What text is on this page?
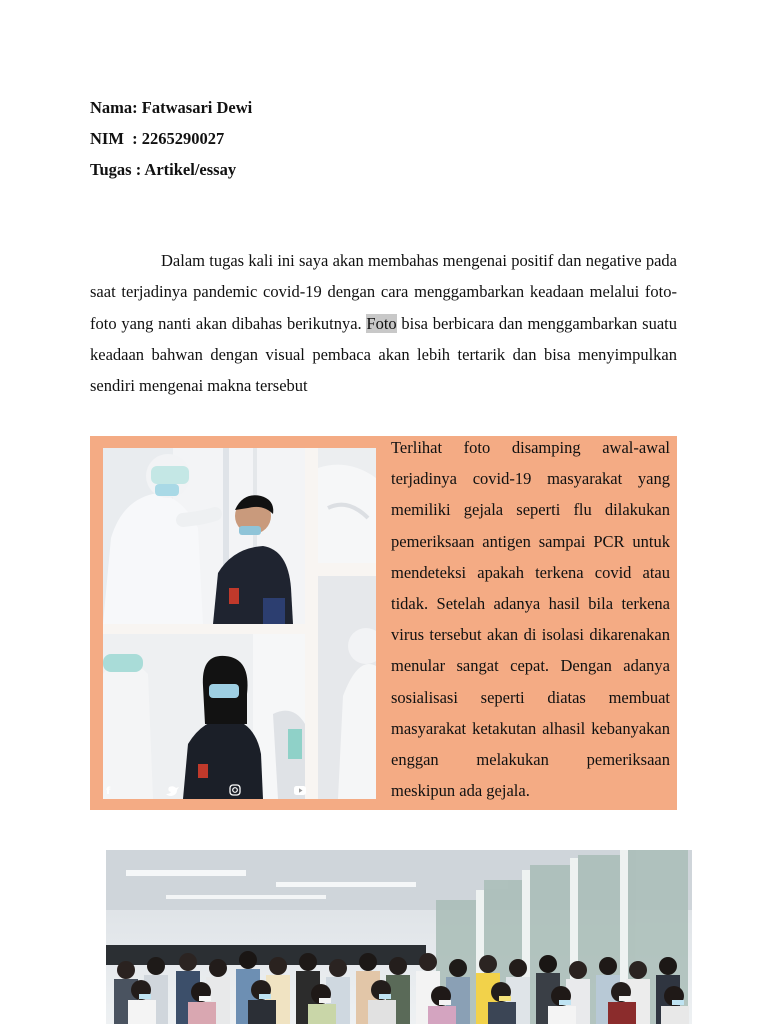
Nama: Fatwasari Dewi
NIM  : 2265290027
Tugas : Artikel/essay

Dalam tugas kali ini saya akan membahas mengenai positif dan negative pada saat terjadinya pandemic covid-19 dengan cara menggambarkan keadaan melalui foto-foto yang nanti akan dibahas berikutnya. Foto bisa berbicara dan menggambarkan suatu keadaan bahwan dengan visual pembaca akan lebih tertarik dan bisa menyimpulkan sendiri mengenai makna tersebut

f

Terlihat foto disamping awal-awal terjadinya covid-19 masyarakat yang memiliki gejala seperti flu dilakukan pemeriksaan antigen sampai PCR untuk mendeteksi apakah terkena covid atau tidak. Setelah adanya hasil bila terkena virus tersebut akan di isolasi dikarenakan menular sangat cepat. Dengan adanya sosialisasi seperti diatas membuat masyarakat ketakutan alhasil kebanyakan enggan melakukan pemeriksaan meskipun ada gejala.
